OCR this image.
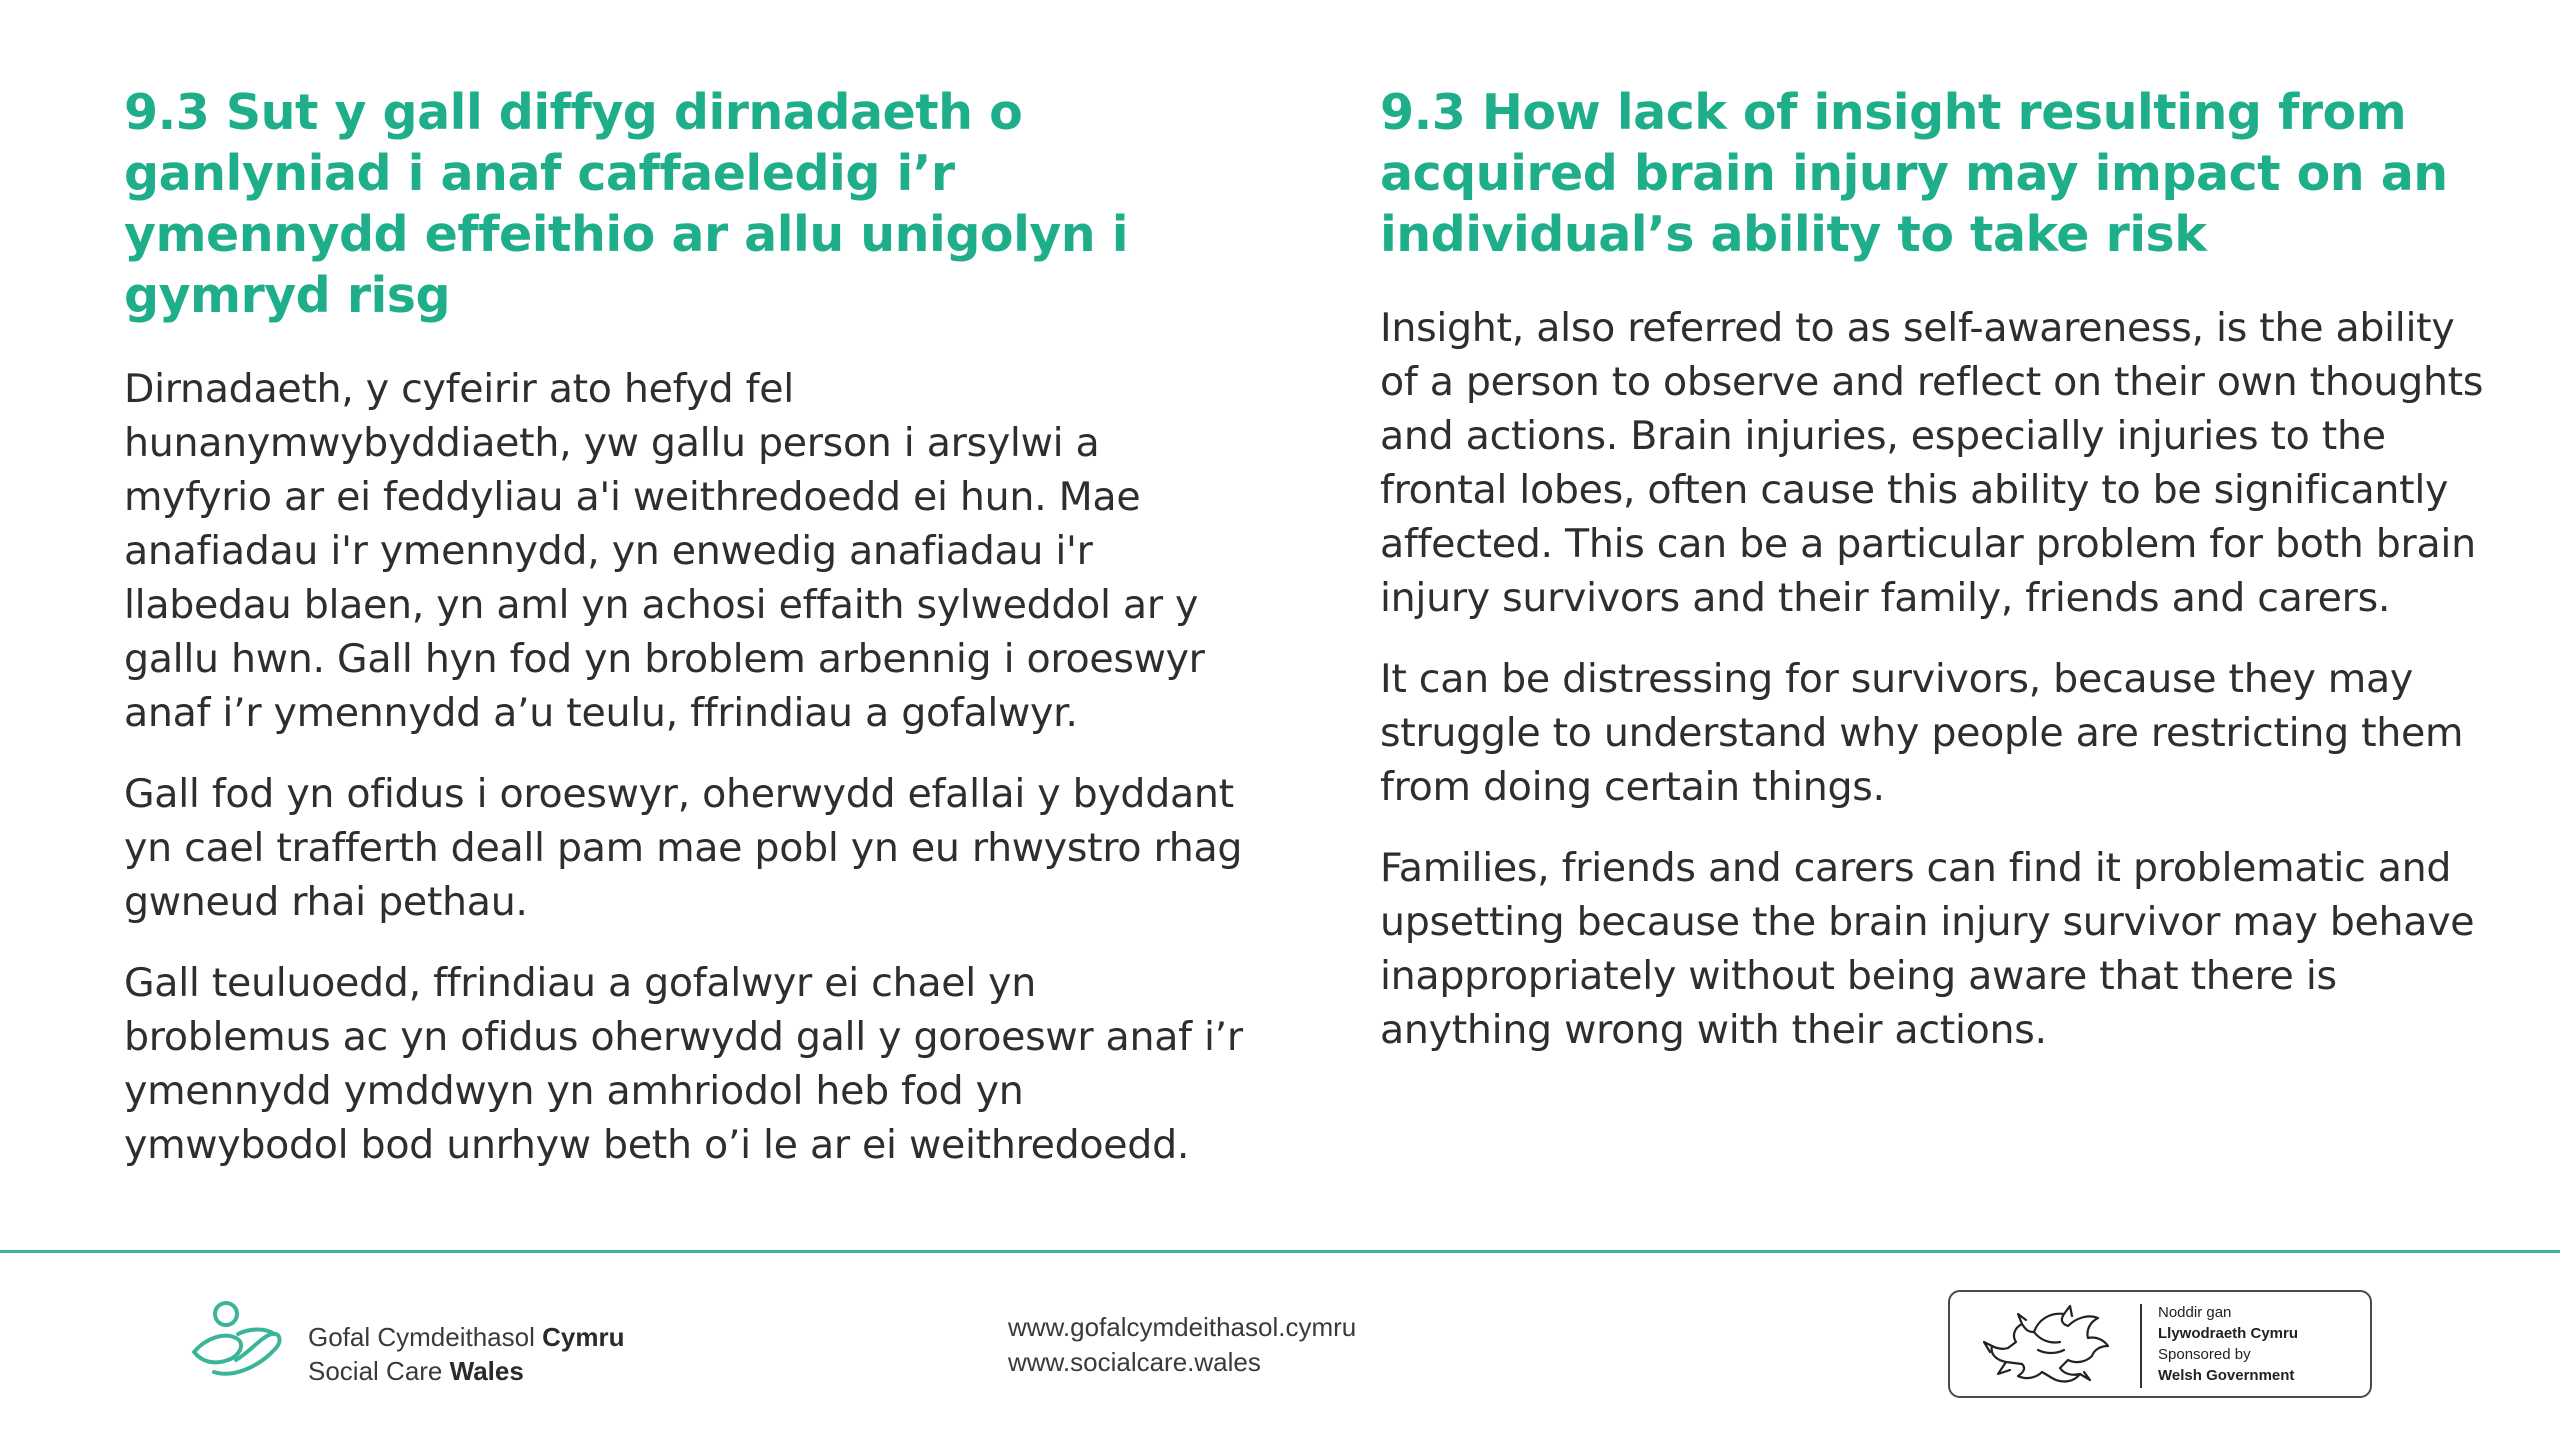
9.3 Sut y gall diffyg dirnadaeth o ganlyniad i anaf caffaeledig i’r ymennydd effeithio ar allu unigolyn i gymryd risg

Dirnadaeth, y cyfeirir ato hefyd fel hunanymwybyddiaeth, yw gallu person i arsylwi a myfyrio ar ei feddyliau a'i weithredoedd ei hun. Mae anafiadau i'r ymennydd, yn enwedig anafiadau i'r llabedau blaen, yn aml yn achosi effaith sylweddol ar y gallu hwn. Gall hyn fod yn broblem arbennig i oroeswyr anaf i’r ymennydd a’u teulu, ffrindiau a gofalwyr.

Gall fod yn ofidus i oroeswyr, oherwydd efallai y byddant yn cael trafferth deall pam mae pobl yn eu rhwystro rhag gwneud rhai pethau.

Gall teuluoedd, ffrindiau a gofalwyr ei chael yn broblemus ac yn ofidus oherwydd gall y goroeswr anaf i’r ymennydd ymddwyn yn amhriodol heb fod yn ymwybodol bod unrhyw beth o’i le ar ei weithredoedd.

9.3 How lack of insight resulting from acquired brain injury may impact on an individual’s ability to take risk

Insight, also referred to as self-awareness, is the ability of a person to observe and reflect on their own thoughts and actions. Brain injuries, especially injuries to the frontal lobes, often cause this ability to be significantly affected. This can be a particular problem for both brain injury survivors and their family, friends and carers.

It can be distressing for survivors, because they may struggle to understand why people are restricting them from doing certain things.

Families, friends and carers can find it problematic and upsetting because the brain injury survivor may behave inappropriately without being aware that there is anything wrong with their actions.

Gofal Cymdeithasol Cymru
Social Care Wales
www.gofalcymdeithasol.cymru
www.socialcare.wales
Noddir gan
Llywodraeth Cymru
Sponsored by
Welsh Government
